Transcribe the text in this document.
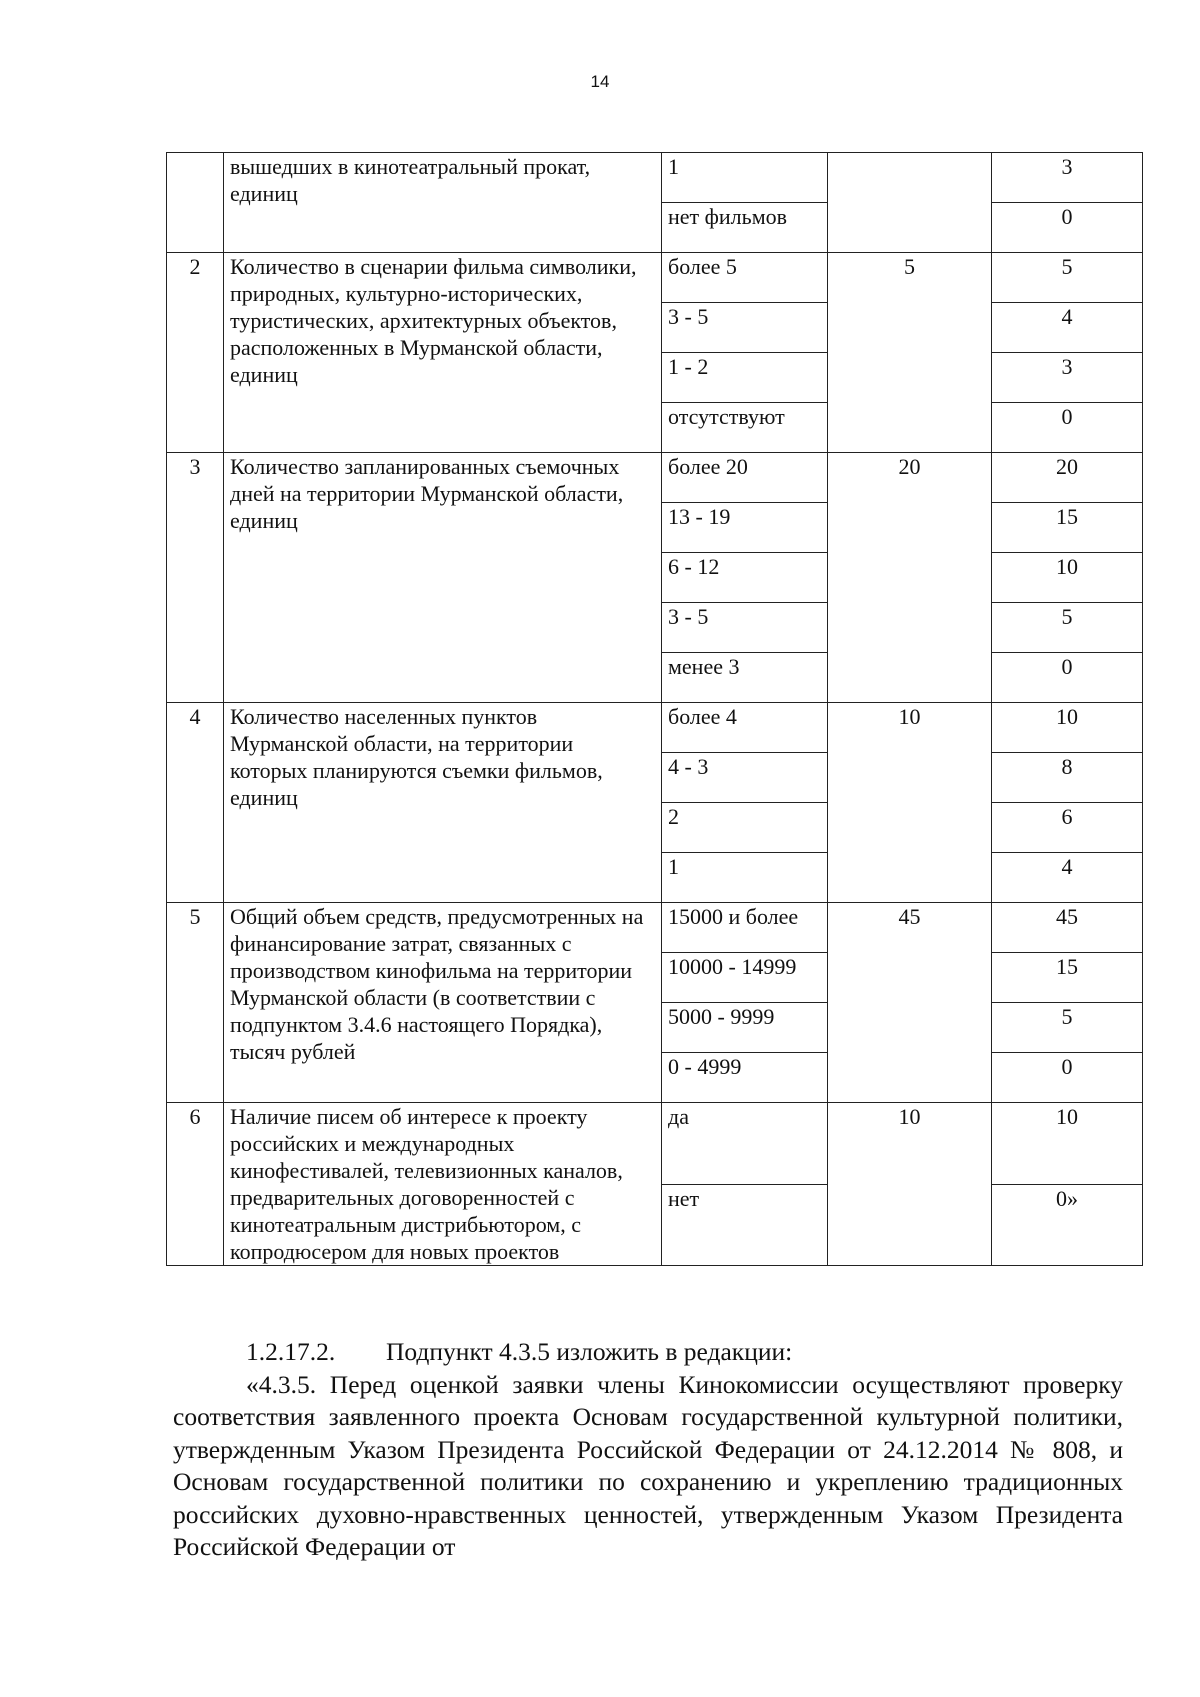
14
	вышедших в кинотеатральный прокат, единиц	1		3
		нет фильмов		0
2	Количество в сценарии фильма символики, природных, культурно-исторических, туристических, архитектурных объектов, расположенных в Мурманской области, единиц	более 5	5	5
		3 - 5		4
		1 - 2		3
		отсутствуют		0
3	Количество запланированных съемочных дней на территории Мурманской области, единиц	более 20	20	20
		13 - 19		15
		6 - 12		10
		3 - 5		5
		менее 3		0
4	Количество населенных пунктов Мурманской области, на территории которых планируются съемки фильмов, единиц	более 4	10	10
		4 - 3		8
		2		6
		1		4
5	Общий объем средств, предусмотренных на финансирование затрат, связанных с производством кинофильма на территории Мурманской области (в соответствии с подпунктом 3.4.6 настоящего Порядка), тысяч рублей	15000 и более	45	45
		10000 - 14999		15
		5000 - 9999		5
		0 - 4999		0
6	Наличие писем об интересе к проекту российских и международных кинофестивалей, телевизионных каналов, предварительных договоренностей с кинотеатральным дистрибьютором, с копродюсером для новых проектов	да	10	10
		нет		0»

1.2.17.2.	Подпункт 4.3.5 изложить в редакции:

«4.3.5. Перед оценкой заявки члены Кинокомиссии осуществляют проверку соответствия заявленного проекта Основам государственной культурной политики, утвержденным Указом Президента Российской Федерации от 24.12.2014 № 808, и Основам государственной политики по сохранению и укреплению традиционных российских духовно-нравственных ценностей, утвержденным Указом Президента Российской Федерации от
